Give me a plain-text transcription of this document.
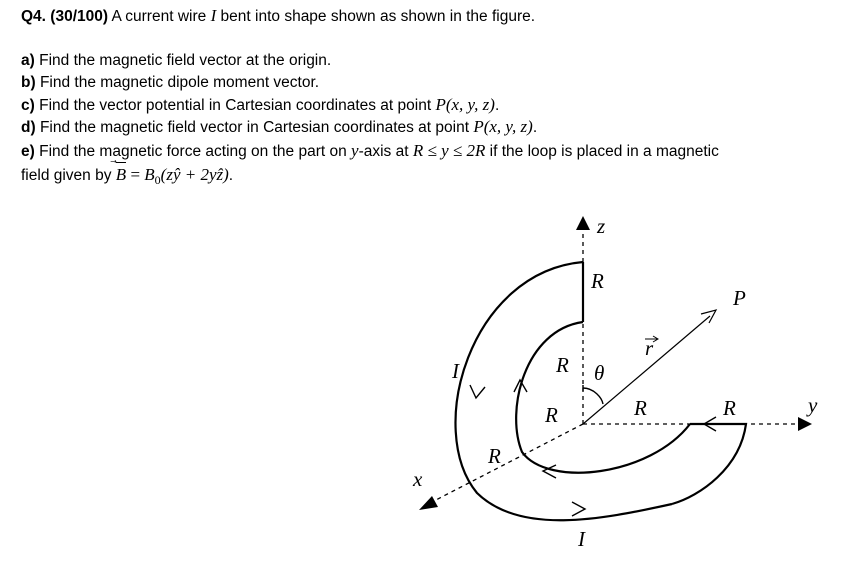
Q4. (30/100) A current wire I bent into shape shown as shown in the figure.
a) Find the magnetic field vector at the origin.
b) Find the magnetic dipole moment vector.
c) Find the vector potential in Cartesian coordinates at point P(x, y, z).
d) Find the magnetic field vector in Cartesian coordinates at point P(x, y, z).
e) Find the magnetic force acting on the part on y-axis at R ≤ y ≤ 2R if the loop is placed in a magnetic
field given by $B = B_0(zŷ$ + 2yẑ).
z
x
y
P
r
θ
I
I
R
R
R
R
R	R
